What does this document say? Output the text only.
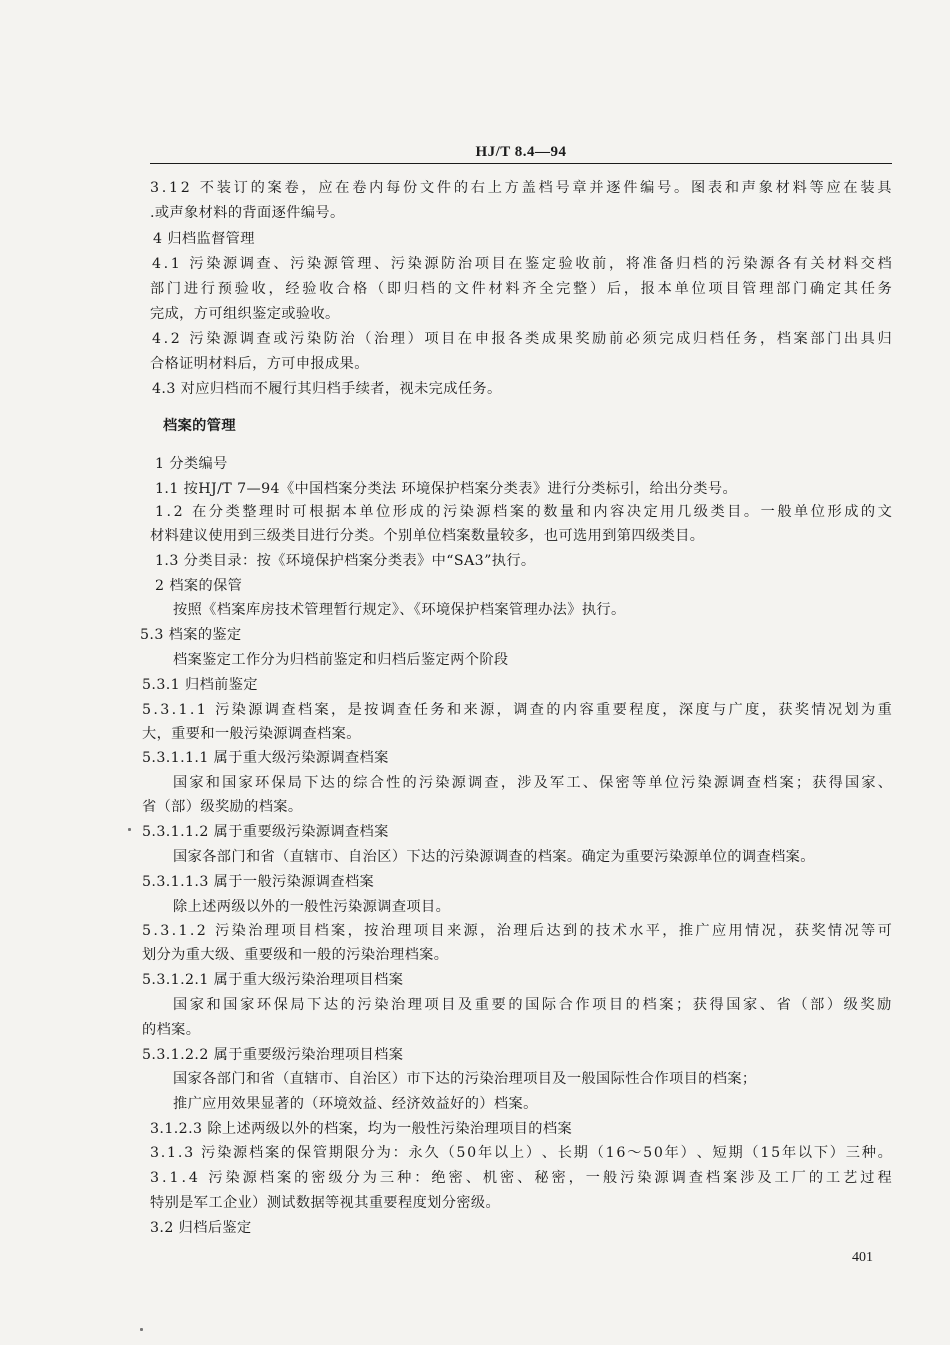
HJ/T 8.4—94
3 . 1 2
不 装 订 的 案 卷 ， 应 在 卷 内 每 份 文 件 的 右 上 方 盖 档 号 章 并 逐 件 编 号 。 图 表 和 声 象 材 料 等 应 在 装 具
.或声象材料的背面逐件编号。
4 归档监督管理
4 . 1
污 染 源 调 查 、 污 染 源 管 理 、 污 染 源 防 治 项 目 在 鉴 定 验 收 前 ， 将 准 备 归 档 的 污 染 源 各 有 关 材 料 交 档
部 门 进 行 预 验 收 ， 经 验 收 合 格 （ 即 归 档 的 文 件 材 料 齐 全 完 整 ） 后 ， 报 本 单 位 项 目 管 理 部 门 确 定 其 任 务
完成，方可组织鉴定或验收。
4 . 2
污 染 源 调 查 或 污 染 防 治 （ 治 理 ） 项 目 在 申 报 各 类 成 果 奖 励 前 必 须 完 成 归 档 任 务 ， 档 案 部 门 出 具 归
合格证明材料后，方可申报成果。
4.3 对应归档而不履行其归档手续者，视未完成任务。
档案的管理
1 分类编号
1.1 按HJ/T 7—94《中国档案分类法 环境保护档案分类表》进行分类标引，给出分类号。
1 . 2
在 分 类 整 理 时 可 根 据 本 单 位 形 成 的 污 染 源 档 案 的 数 量 和 内 容 决 定 用 几 级 类 目 。 一 般 单 位 形 成 的 文
材料建议使用到三级类目进行分类。个别单位档案数量较多，也可选用到第四级类目。
1.3 分类目录：按《环境保护档案分类表》中“SA3”执行。
2 档案的保管
按照《档案库房技术管理暂行规定》、《环境保护档案管理办法》执行。
5.3 档案的鉴定
档案鉴定工作分为归档前鉴定和归档后鉴定两个阶段
5.3.1 归档前鉴定
5 . 3 . 1 . 1
污 染 源 调 查 档 案 ， 是 按 调 查 任 务 和 来 源 ， 调 查 的 内 容 重 要 程 度 ， 深 度 与 广 度 ， 获 奖 情 况 划 为 重
大，重要和一般污染源调查档案。
5.3.1.1.1 属于重大级污染源调查档案
国 家 和 国 家 环 保 局 下 达 的 综 合 性 的 污 染 源 调 查 ， 涉 及 军 工 、 保 密 等 单 位 污 染 源 调 查 档 案 ； 获 得 国 家 、
省（部）级奖励的档案。
5.3.1.1.2 属于重要级污染源调查档案
国家各部门和省（直辖市、自治区）下达的污染源调查的档案。确定为重要污染源单位的调查档案。
5.3.1.1.3 属于一般污染源调查档案
除上述两级以外的一般性污染源调查项目。
5 . 3 . 1 . 2
污 染 治 理 项 目 档 案 ， 按 治 理 项 目 来 源 ， 治 理 后 达 到 的 技 术 水 平 ， 推 广 应 用 情 况 ， 获 奖 情 况 等 可
划分为重大级、重要级和一般的污染治理档案。
5.3.1.2.1 属于重大级污染治理项目档案
国 家 和 国 家 环 保 局 下 达 的 污 染 治 理 项 目 及 重 要 的 国 际 合 作 项 目 的 档 案 ； 获 得 国 家 、 省 （ 部 ） 级 奖 励
的档案。
5.3.1.2.2 属于重要级污染治理项目档案
国家各部门和省（直辖市、自治区）市下达的污染治理项目及一般国际性合作项目的档案；
推广应用效果显著的（环境效益、经济效益好的）档案。
3.1.2.3 除上述两级以外的档案，均为一般性污染治理项目的档案
3 . 1 . 3
污 染 源 档 案 的 保 管 期 限 分 为 ： 永 久 （ 5 0 年 以 上 ） 、 长 期 （ 1 6 ～ 5 0 年 ） 、 短 期 （ 1 5 年 以 下 ） 三 种 。
3 . 1 . 4
污 染 源 档 案 的 密 级 分 为 三 种 ： 绝 密 、 机 密 、 秘 密 ， 一 般 污 染 源 调 查 档 案 涉 及 工 厂 的 工 艺 过 程
特别是军工企业）测试数据等视其重要程度划分密级。
3.2 归档后鉴定
401
